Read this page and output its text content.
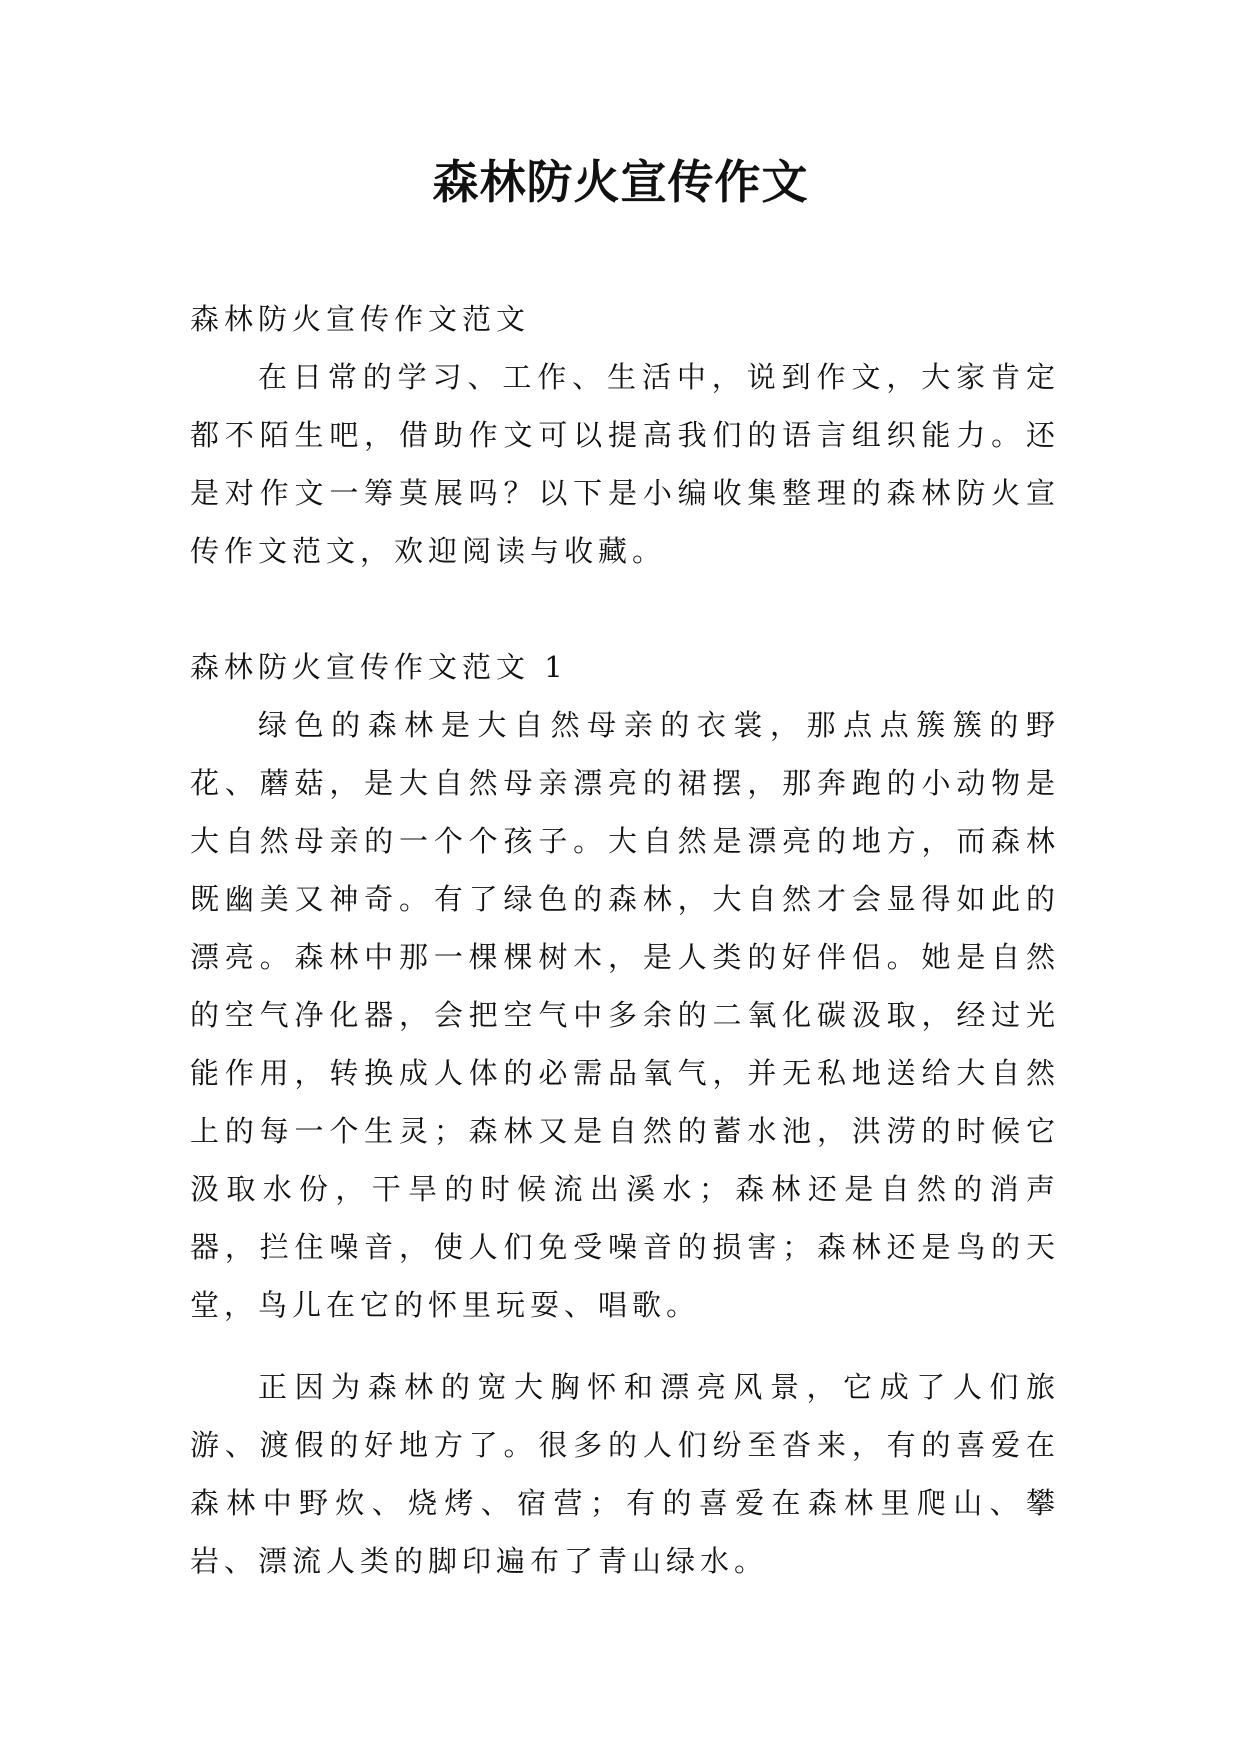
森林防火宣传作文
森林防火宣传作文范文
在日常的学习、工作、生活中，说到作文，大家肯定都不陌生吧，借助作文可以提高我们的语言组织能力。还是对作文一筹莫展吗？以下是小编收集整理的森林防火宣传作文范文，欢迎阅读与收藏。
森林防火宣传作文范文 1
绿色的森林是大自然母亲的衣裳，那点点簇簇的野花、蘑菇，是大自然母亲漂亮的裙摆，那奔跑的小动物是大自然母亲的一个个孩子。大自然是漂亮的地方，而森林既幽美又神奇。有了绿色的森林，大自然才会显得如此的漂亮。森林中那一棵棵树木，是人类的好伴侣。她是自然的空气净化器，会把空气中多余的二氧化碳汲取，经过光能作用，转换成人体的必需品氧气，并无私地送给大自然上的每一个生灵；森林又是自然的蓄水池，洪涝的时候它汲取水份，干旱的时候流出溪水；森林还是自然的消声器，拦住噪音，使人们免受噪音的损害；森林还是鸟的天堂，鸟儿在它的怀里玩耍、唱歌。
正因为森林的宽大胸怀和漂亮风景，它成了人们旅游、渡假的好地方了。很多的人们纷至沓来，有的喜爱在森林中野炊、烧烤、宿营；有的喜爱在森林里爬山、攀岩、漂流人类的脚印遍布了青山绿水。
